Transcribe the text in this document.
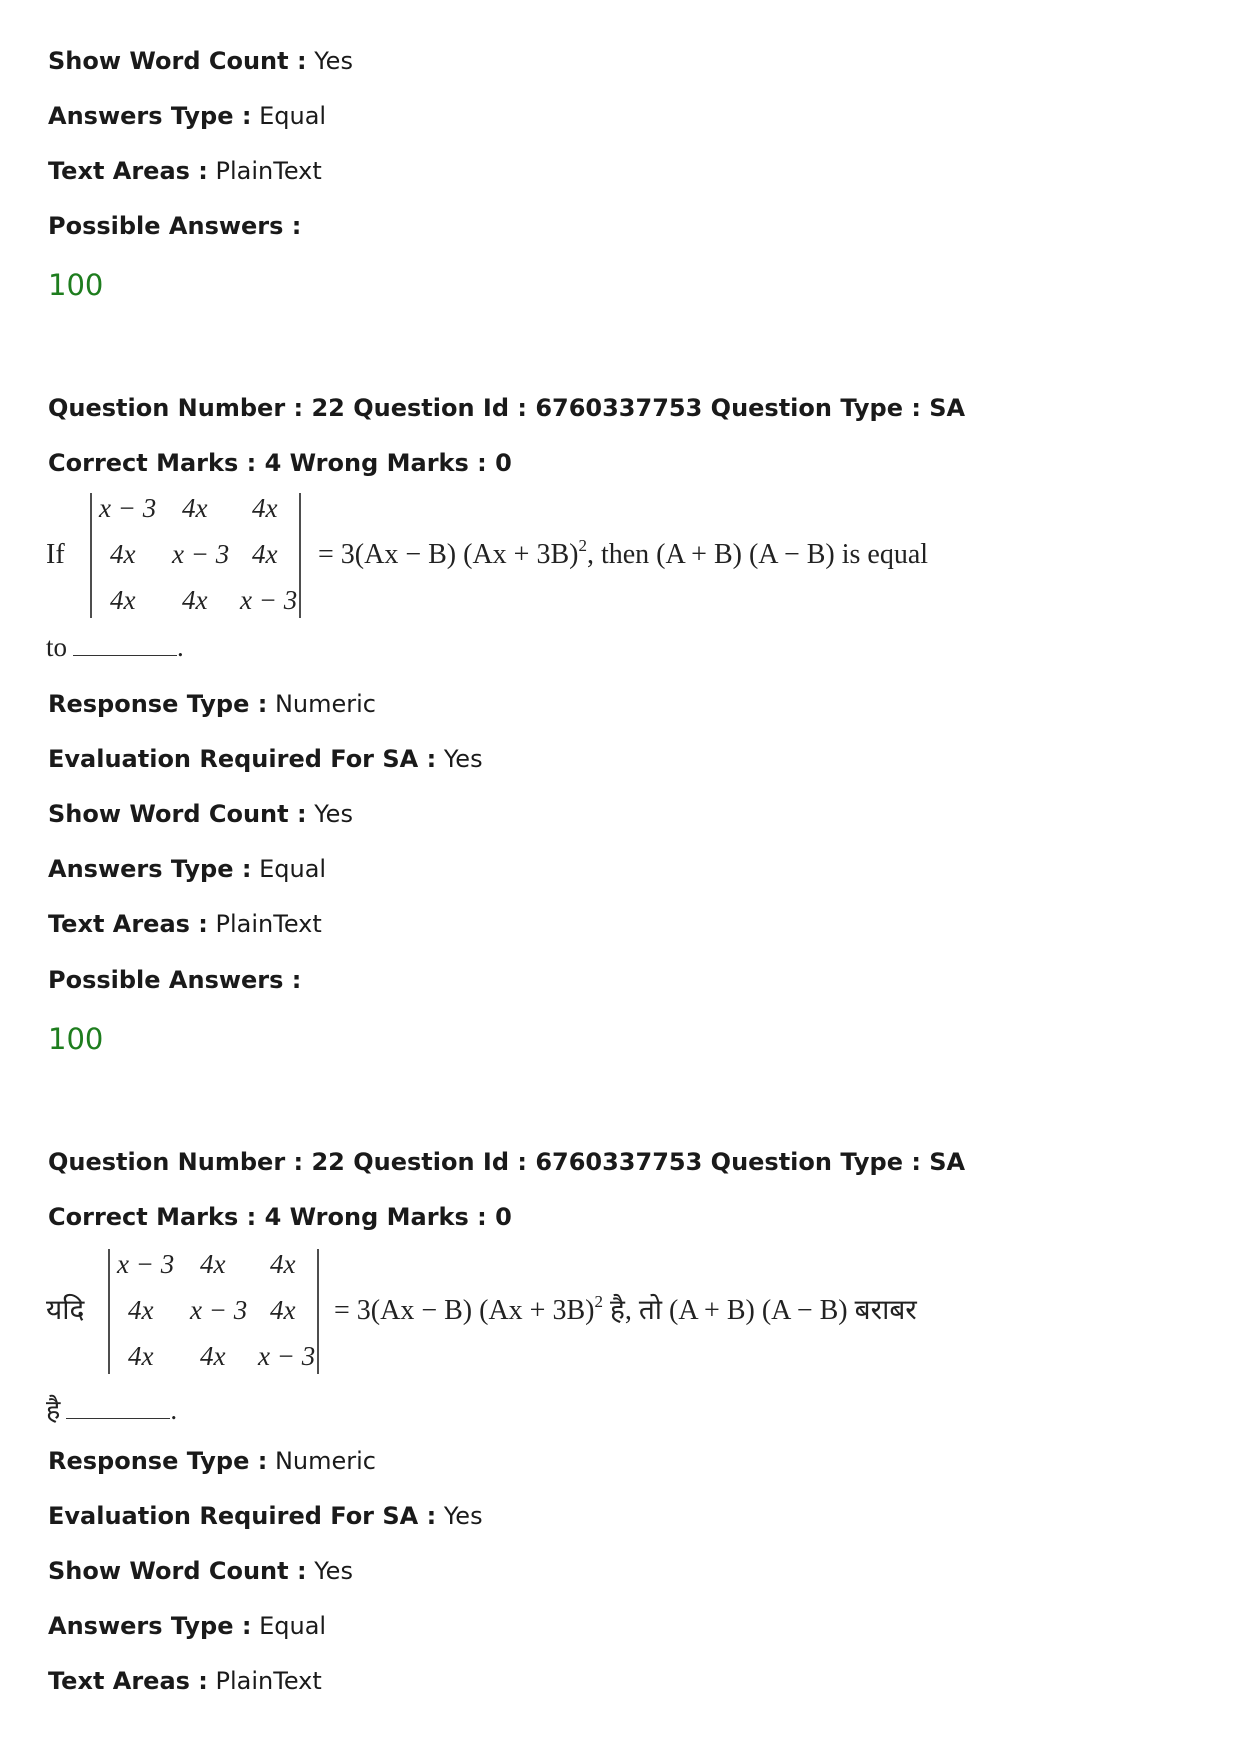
Show Word Count : Yes
Answers Type : Equal
Text Areas : PlainText
Possible Answers :
100
Question Number : 22 Question Id : 6760337753 Question Type : SA
Correct Marks : 4 Wrong Marks : 0
If
x − 3 4x 4x
4x x − 3 4x
4x 4x x − 3
= 3(Ax − B) $(Ax + 3B)^2$, then (A + B) (A − B) is equal
to	.
Response Type : Numeric
Evaluation Required For SA : Yes
Show Word Count : Yes
Answers Type : Equal
Text Areas : PlainText
Possible Answers :
100
Question Number : 22 Question Id : 6760337753 Question Type : SA
Correct Marks : 4 Wrong Marks : 0
यदि
x − 3 4x 4x
4x x − 3 4x
4x 4x x − 3
= 3(Ax − B) $(Ax + 3B)^2$ है, तो (A + B) (A − B) बराबर
है	.
Response Type : Numeric
Evaluation Required For SA : Yes
Show Word Count : Yes
Answers Type : Equal
Text Areas : PlainText
